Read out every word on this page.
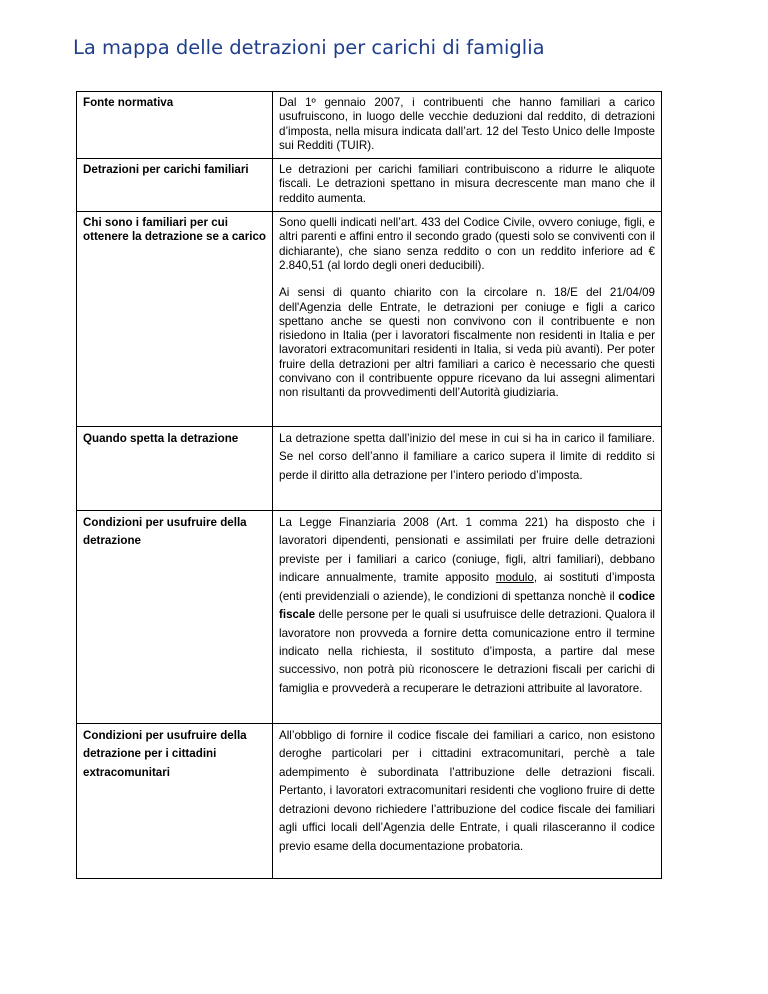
La mappa delle detrazioni per carichi di famiglia
Fonte normativa	Dal 1º gennaio 2007, i contribuenti che hanno familiari a carico usufruiscono, in luogo delle vecchie deduzioni dal reddito, di detrazioni d’imposta, nella misura indicata dall’art. 12 del Testo Unico delle Imposte sui Redditi (TUIR).

Detrazioni per carichi familiari	Le detrazioni per carichi familiari contribuiscono a ridurre le aliquote fiscali. Le detrazioni spettano in misura decrescente man mano che il reddito aumenta.

Chi sono i familiari per cui ottenere la detrazione se a carico	Sono quelli indicati nell’art. 433 del Codice Civile, ovvero coniuge, figli, e altri parenti e affini entro il secondo grado (questi solo se conviventi con il dichiarante), che siano senza reddito o con un reddito inferiore ad € 2.840,51 (al lordo degli oneri deducibili).

Ai sensi di quanto chiarito con la circolare n. 18/E del 21/04/09 dell'Agenzia delle Entrate, le detrazioni per coniuge e figli a carico spettano anche se questi non convivono con il contribuente e non risiedono in Italia (per i lavoratori fiscalmente non residenti in Italia e per lavoratori extracomunitari residenti in Italia, si veda più avanti). Per poter fruire della detrazioni per altri familiari a carico è necessario che questi convivano con il contribuente oppure ricevano da lui assegni alimentari non risultanti da provvedimenti dell’Autorità giudiziaria.

Quando spetta la detrazione	La detrazione spetta dall’inizio del mese in cui si ha in carico il familiare. Se nel corso dell’anno il familiare a carico supera il limite di reddito si perde il diritto alla detrazione per l’intero periodo d’imposta.

Condizioni per usufruire della detrazione	La Legge Finanziaria 2008 (Art. 1 comma 221) ha disposto che i lavoratori dipendenti, pensionati e assimilati per fruire delle detrazioni previste per i familiari a carico (coniuge, figli, altri familiari), debbano indicare annualmente, tramite apposito modulo, ai sostituti d’imposta (enti previdenziali o aziende), le condizioni di spettanza nonchè il codice fiscale delle persone per le quali si usufruisce delle detrazioni. Qualora il lavoratore non provveda a fornire detta comunicazione entro il termine indicato nella richiesta, il sostituto d’imposta, a partire dal mese successivo, non potrà più riconoscere le detrazioni fiscali per carichi di famiglia e provvederà a recuperare le detrazioni attribuite al lavoratore.

Condizioni per usufruire della detrazione per i cittadini extracomunitari	All’obbligo di fornire il codice fiscale dei familiari a carico, non esistono deroghe particolari per i cittadini extracomunitari, perchè a tale adempimento è subordinata l’attribuzione delle detrazioni fiscali. Pertanto, i lavoratori extracomunitari residenti che vogliono fruire di dette detrazioni devono richiedere l’attribuzione del codice fiscale dei familiari agli uffici locali dell’Agenzia delle Entrate, i quali rilasceranno il codice previo esame della documentazione probatoria.
